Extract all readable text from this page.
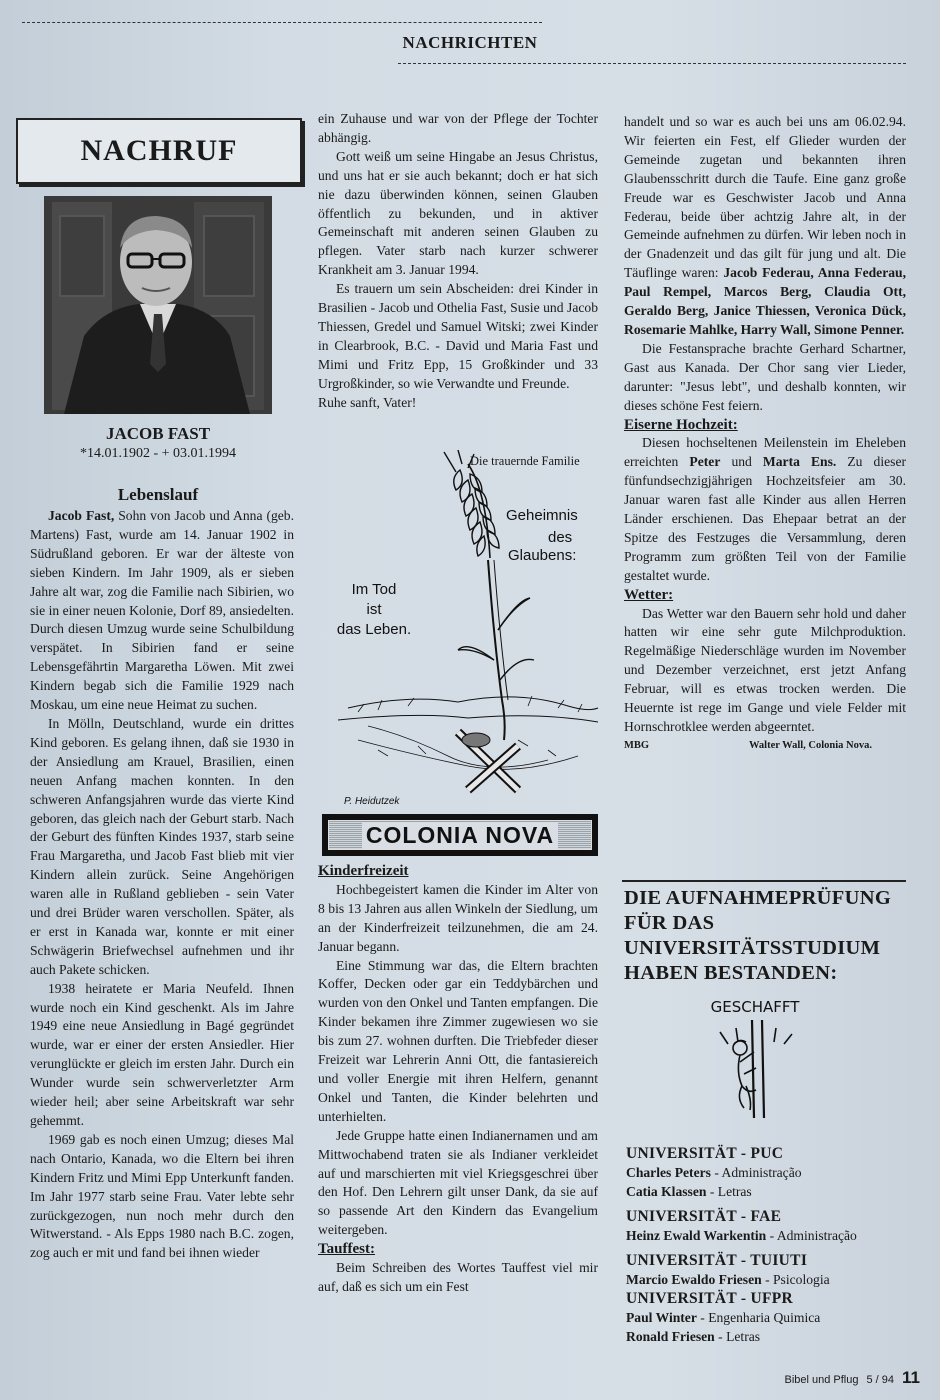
NACHRICHTEN
NACHRUF
JACOB FAST
*14.01.1902 - + 03.01.1994
Lebenslauf

Jacob Fast, Sohn von Jacob und Anna (geb. Martens) Fast, wurde am 14. Januar 1902 in Südrußland geboren. Er war der älteste von sieben Kindern. Im Jahr 1909, als er sieben Jahre alt war, zog die Familie nach Sibirien, wo sie in einer neuen Kolonie, Dorf 89, ansiedelten. Durch diesen Umzug wurde seine Schulbildung verspätet. In Sibirien fand er seine Lebensgefährtin Margaretha Löwen. Mit zwei Kindern begab sich die Familie 1929 nach Moskau, um eine neue Heimat zu suchen.

In Mölln, Deutschland, wurde ein drittes Kind geboren. Es gelang ihnen, daß sie 1930 in der Ansiedlung am Krauel, Brasilien, einen neuen Anfang machen konnten. In den schweren Anfangsjahren wurde das vierte Kind geboren, das gleich nach der Geburt starb. Nach der Geburt des fünften Kindes 1937, starb seine Frau Margaretha, und Jacob Fast blieb mit vier Kindern allein zurück. Seine Angehörigen waren alle in Rußland geblieben - sein Vater und drei Brüder waren verschollen. Später, als er erst in Kanada war, konnte er mit einer Schwägerin Briefwechsel aufnehmen und ihr auch Pakete schicken.

1938 heiratete er Maria Neufeld. Ihnen wurde noch ein Kind geschenkt. Als im Jahre 1949 eine neue Ansiedlung in Bagé gegründet wurde, war er einer der ersten Ansiedler. Hier verunglückte er gleich im ersten Jahr. Durch ein Wunder wurde sein schwerverletzter Arm wieder heil; aber seine Arbeitskraft war sehr gehemmt.

1969 gab es noch einen Umzug; dieses Mal nach Ontario, Kanada, wo die Eltern bei ihren Kindern Fritz und Mimi Epp Unterkunft fanden. Im Jahr 1977 starb seine Frau. Vater lebte sehr zurückgezogen, nun noch mehr durch den Witwerstand. - Als Epps 1980 nach B.C. zogen, zog auch er mit und fand bei ihnen wieder

ein Zuhause und war von der Pflege der Tochter abhängig.

Gott weiß um seine Hingabe an Jesus Christus, und uns hat er sie auch bekannt; doch er hat sich nie dazu überwinden können, seinen Glauben öffentlich zu bekunden, und in aktiver Gemeinschaft mit anderen seinen Glauben zu pflegen. Vater starb nach kurzer schwerer Krankheit am 3. Januar 1994.

Es trauern um sein Abscheiden: drei Kinder in Brasilien - Jacob und Othelia Fast, Susie und Jacob Thiessen, Gredel und Samuel Witski; zwei Kinder in Clearbrook, B.C. - David und Maria Fast und Mimi und Fritz Epp, 15 Großkinder und 33 Urgroßkinder, so wie Verwandte und Freunde.

Ruhe sanft, Vater!

Die trauernde Familie
Geheimnis
des
Glaubens:
Im Tod
ist
das Leben.
P. Heidutzek
COLONIA NOVA

Kinderfreizeit

Hochbegeistert kamen die Kinder im Alter von 8 bis 13 Jahren aus allen Winkeln der Siedlung, um an der Kinderfreizeit teilzunehmen, die am 24. Januar begann.

Eine Stimmung war das, die Eltern brachten Koffer, Decken oder gar ein Teddybärchen und wurden von den Onkel und Tanten empfangen. Die Kinder bekamen ihre Zimmer zugewiesen wo sie bis zum 27. wohnen durften. Die Triebfeder dieser Freizeit war Lehrerin Anni Ott, die fantasiereich und voller Energie mit ihren Helfern, genannt Onkel und Tanten, die Kinder belehrten und unterhielten.

Jede Gruppe hatte einen Indianernamen und am Mittwochabend traten sie als Indianer verkleidet auf und marschierten mit viel Kriegsgeschrei über den Hof. Den Lehrern gilt unser Dank, da sie auf so passende Art den Kindern das Evangelium weitergeben.

Tauffest:

Beim Schreiben des Wortes Tauffest viel mir auf, daß es sich um ein Fest

handelt und so war es auch bei uns am 06.02.94. Wir feierten ein Fest, elf Glieder wurden der Gemeinde zugetan und bekannten ihren Glaubensschritt durch die Taufe. Eine ganz große Freude war es Geschwister Jacob und Anna Federau, beide über achtzig Jahre alt, in der Gemeinde aufnehmen zu dürfen. Wir leben noch in der Gnadenzeit und das gilt für jung und alt. Die Täuflinge waren: Jacob Federau, Anna Federau, Paul Rempel, Marcos Berg, Claudia Ott, Geraldo Berg, Janice Thiessen, Veronica Dück, Rosemarie Mahlke, Harry Wall, Simone Penner.

Die Festansprache brachte Gerhard Schartner, Gast aus Kanada. Der Chor sang vier Lieder, darunter: "Jesus lebt", und deshalb konnten, wir dieses schöne Fest feiern.

Eiserne Hochzeit:

Diesen hochseltenen Meilenstein im Eheleben erreichten Peter und Marta Ens. Zu dieser fünfundsechzigjährigen Hochzeitsfeier am 30. Januar waren fast alle Kinder aus allen Herren Länder erschienen. Das Ehepaar betrat an der Spitze des Festzuges die Versammlung, deren Programm zum größten Teil von der Familie gestaltet wurde.

Wetter:

Das Wetter war den Bauern sehr hold und daher hatten wir eine sehr gute Milchproduktion. Regelmäßige Niederschläge wurden im November und Dezember verzeichnet, erst jetzt Anfang Februar, will es etwas trocken werden. Die Heuernte ist rege im Gange und viele Felder mit Hornschrotklee werden abgeerntet.

MBG	Walter Wall, Colonia Nova.
DIE AUFNAHMEPRÜFUNG FÜR DAS UNIVERSITÄTSSTUDIUM HABEN BESTANDEN:
GESCHAFFT
UNIVERSITÄT - PUC
Charles Peters - Administração
Catia Klassen - Letras
UNIVERSITÄT - FAE
Heinz Ewald Warkentin - Administração
UNIVERSITÄT - TUIUTI
Marcio Ewaldo Friesen - Psicologia
UNIVERSITÄT - UFPR
Paul Winter - Engenharia Quimica
Ronald Friesen - Letras
Bibel und Pflug 5 / 94 11
